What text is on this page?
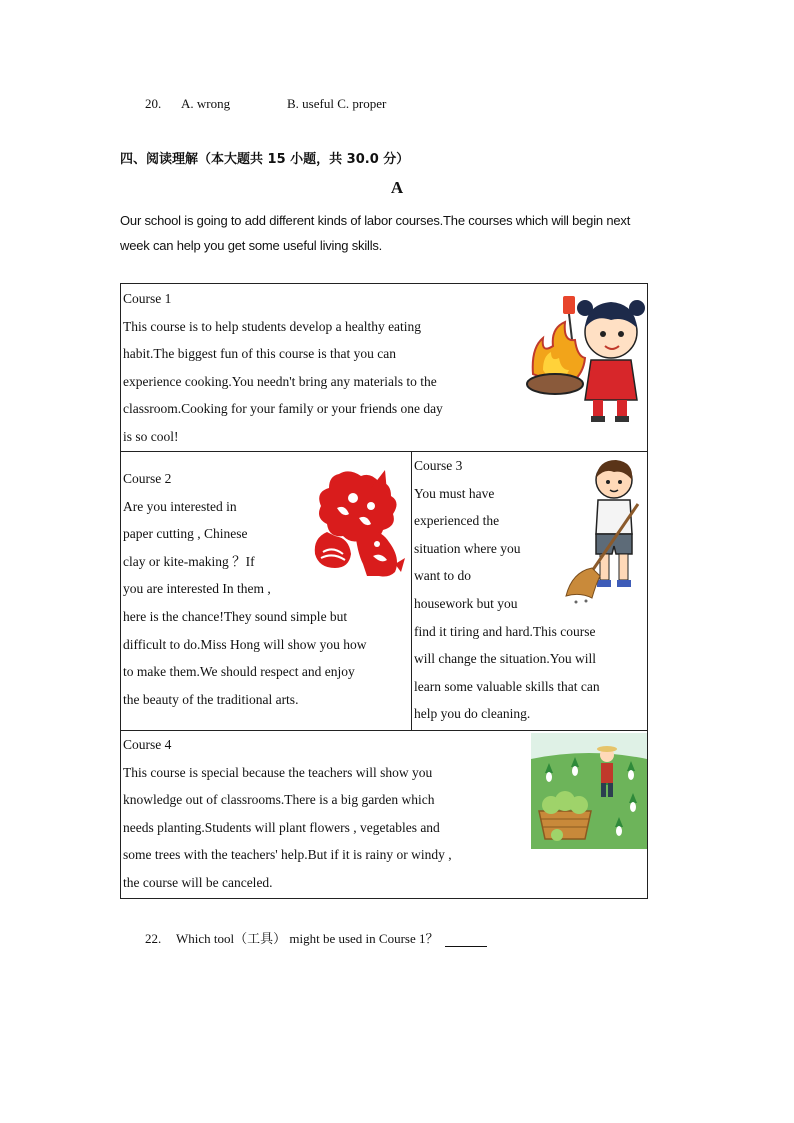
20. A. wrong	B. useful C. proper
四、阅读理解（本大题共 15 小题，共 30.0 分）
A
Our school is going to add different kinds of labor courses.The courses which will begin next
week can help you get some useful living skills.
Course 1
This course is to help students develop a healthy eating
habit.The biggest fun of this course is that you can
experience cooking.You needn't bring any materials to the
classroom.Cooking for your family or your friends one day
is so cool!
Course 2
Are you interested in
paper cutting , Chinese
clay or kite-making ？If
you are interested In them ,
here is the chance!They sound simple but
difficult to do.Miss Hong will show you how
to make them.We should respect and enjoy
the beauty of the traditional arts.
Course 3
You must have
experienced the
situation where you
want to do
housework but you
find it tiring and hard.This course
will change the situation.You will
learn some valuable skills that can
help you do cleaning.
Course 4
This course is special because the teachers will show you
knowledge out of classrooms.There is a big garden which
needs planting.Students will plant flowers , vegetables and
some trees with the teachers' help.But if it is rainy or windy ,
the course will be canceled.
22. Which tool（工具） might be used in Course 1？
